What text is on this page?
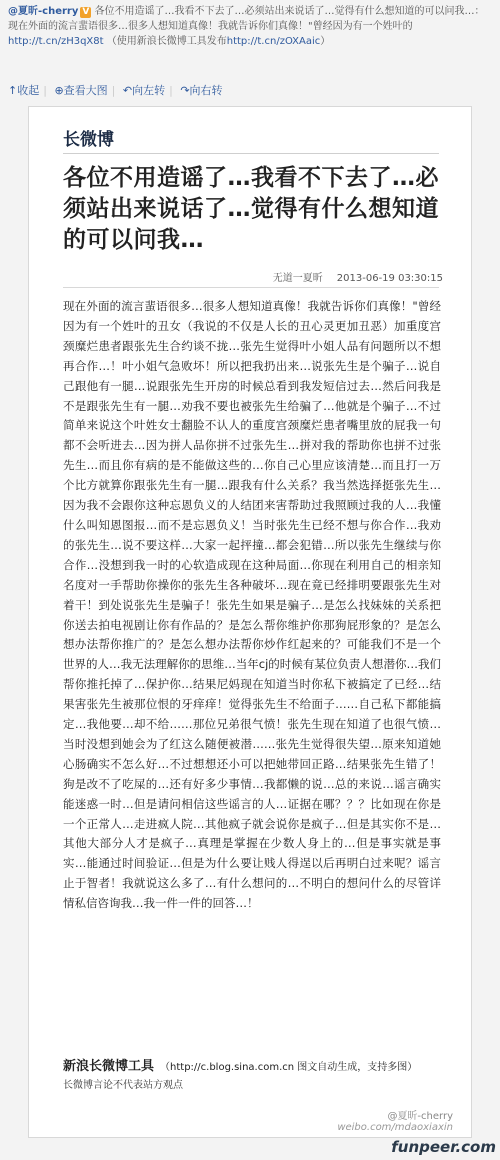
@夏昕-cherry V 各位不用造谣了…我看不下去了…必须站出来说话了…觉得有什么想知道的可以问我…：现在外面的流言蜚语很多…很多人想知道真像！我就告诉你们真像！"曾经因为有一个姓叶的
http://t.cn/zH3qX8t （使用新浪长微博工具发布http://t.cn/zOXAaic）
↑收起 | ⊕查看大图 | ↶向左转 | ↷向右转
长微博
各位不用造谣了…我看不下去了…必须站出来说话了…觉得有什么想知道的可以问我…
无道一夏昕 2013-06-19 03:30:15
现在外面的流言蜚语很多…很多人想知道真像！我就告诉你们真像！"曾经因为有一个姓叶的丑女（我说的不仅是人长的丑心灵更加丑恶）加重度宫颈糜烂患者跟张先生合约谈不拢…张先生觉得叶小姐人品有问题所以不想再合作…！叶小姐气急败坏！所以把我扔出来…说张先生是个骗子…说自己跟他有一腿…说跟张先生开房的时候总看到我发短信过去…然后问我是不是跟张先生有一腿…劝我不要也被张先生给骗了…他就是个骗子…不过简单来说这个叶姓女士翻脸不认人的重度宫颈糜烂患者嘴里放的屁我一句都不会听进去…因为拼人品你拼不过张先生…拼对我的帮助你也拼不过张先生…而且你有病的是不能做这些的…你自己心里应该清楚…而且打一万个比方就算你跟张先生有一腿…跟我有什么关系？我当然选择挺张先生…因为我不会跟你这种忘恩负义的人结团来害帮助过我照顾过我的人…我懂什么叫知恩图报…而不是忘恩负义！当时张先生已经不想与你合作…我劝的张先生…说不要这样…大家一起抨撞…都会犯错…所以张先生继续与你合作…没想到我一时的心软造成现在这种局面…你现在利用自己的相亲知名度对一手帮助你操你的张先生各种破坏…现在竟已经排明要跟张先生对着干！到处说张先生是骗子！张先生如果是骗子…是怎么找妹妹的关系把你送去拍电视剧让你有作品的？是怎么帮你维护你那狗屁形象的？是怎么想办法帮你推广的？是怎么想办法帮你炒作红起来的？可能我们不是一个世界的人…我无法理解你的思维…当年cj的时候有某位负责人想潜你…我们帮你推托掉了…保护你…结果尼妈现在知道当时你私下被搞定了已经…结果害张先生被那位恨的牙痒痒！觉得张先生不给面子……自己私下都能搞定…我他要…却不给……那位兄弟很气愤！张先生现在知道了也很气愤…当时没想到她会为了红这么随便被潜……张先生觉得很失望…原来知道她心肠确实不怎么好…不过想想还小可以把她带回正路…结果张先生错了！狗是改不了吃屎的…还有好多少事情…我都懒的说…总的来说…谣言确实能迷惑一时…但是请问相信这些谣言的人…证据在哪？？？比如现在你是一个正常人…走进疯人院…其他疯子就会说你是疯子…但是其实你不是…其他大部分人才是疯子…真理是掌握在少数人身上的…但是事实就是事实…能通过时间验证…但是为什么要让贱人得逞以后再明白过来呢？谣言止于智者！我就说这么多了…有什么想问的…不明白的想问什么的尽管详情私信咨询我…我一件一件的回答…！
新浪长微博工具 （http://c.blog.sina.com.cn 图文自动生成，支持多图）
长微博言论不代表站方观点
@夏昕-cherry
weibo.com/mdaoxiaxin
funpeer.com
